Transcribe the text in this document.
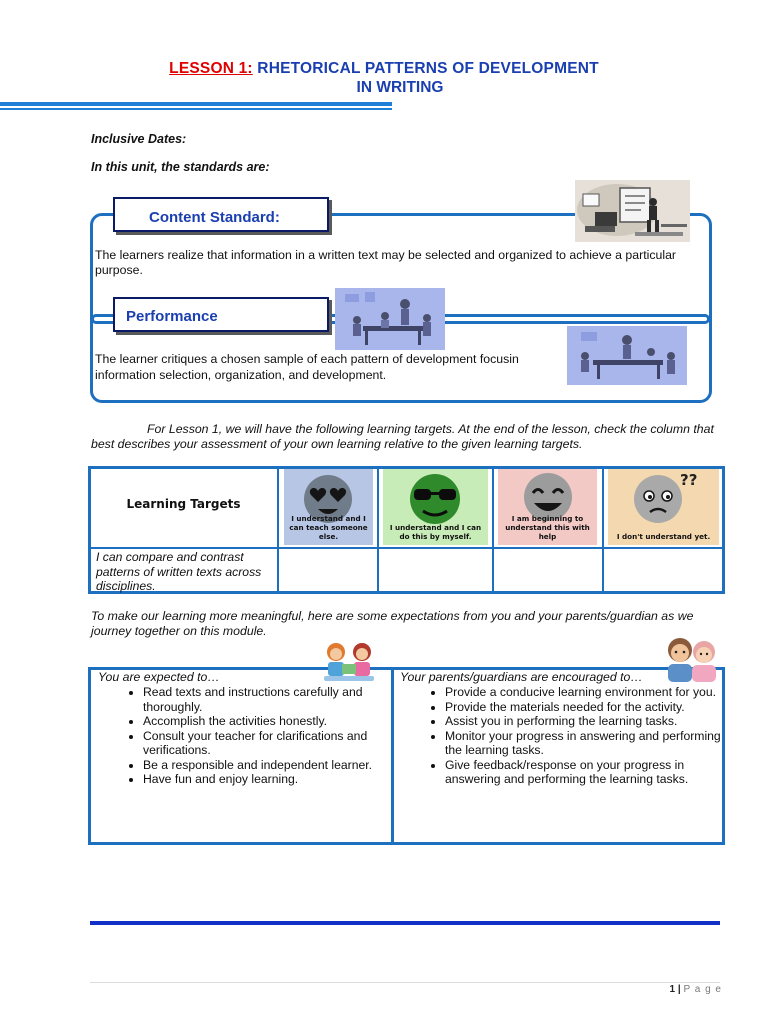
LESSON 1: RHETORICAL PATTERNS OF DEVELOPMENT
IN WRITING
Inclusive Dates:
In this unit, the standards are:
Content Standard:
The learners realize that information in a written text may be selected and organized to achieve a particular purpose.
Performance
The learner critiques a chosen sample of each pattern of development focusin
information selection, organization, and development.
For Lesson 1, we will have the following learning targets. At the end of the lesson, check the column that best describes your assessment of your own learning relative to the given learning targets.
Learning Targets
I understand and I can teach someone else.
I understand and I can do this by myself.
I am beginning to understand this with help
??
I don't understand yet.
I can compare and contrast patterns of written texts across disciplines.
To make our learning more meaningful, here are some expectations from you and your parents/guardian as we journey together on this module.
You are expected to…
• Read texts and instructions carefully and thoroughly.
• Accomplish the activities honestly.
• Consult your teacher for clarifications and verifications.
• Be a responsible and independent learner.
• Have fun and enjoy learning.
Your parents/guardians are encouraged to…
• Provide a conducive learning environment for you.
• Provide the materials needed for the activity.
• Assist you in performing the learning tasks.
• Monitor your progress in answering and performing the learning tasks.
• Give feedback/response on your progress in answering and performing the learning tasks.
1 | P a g e
